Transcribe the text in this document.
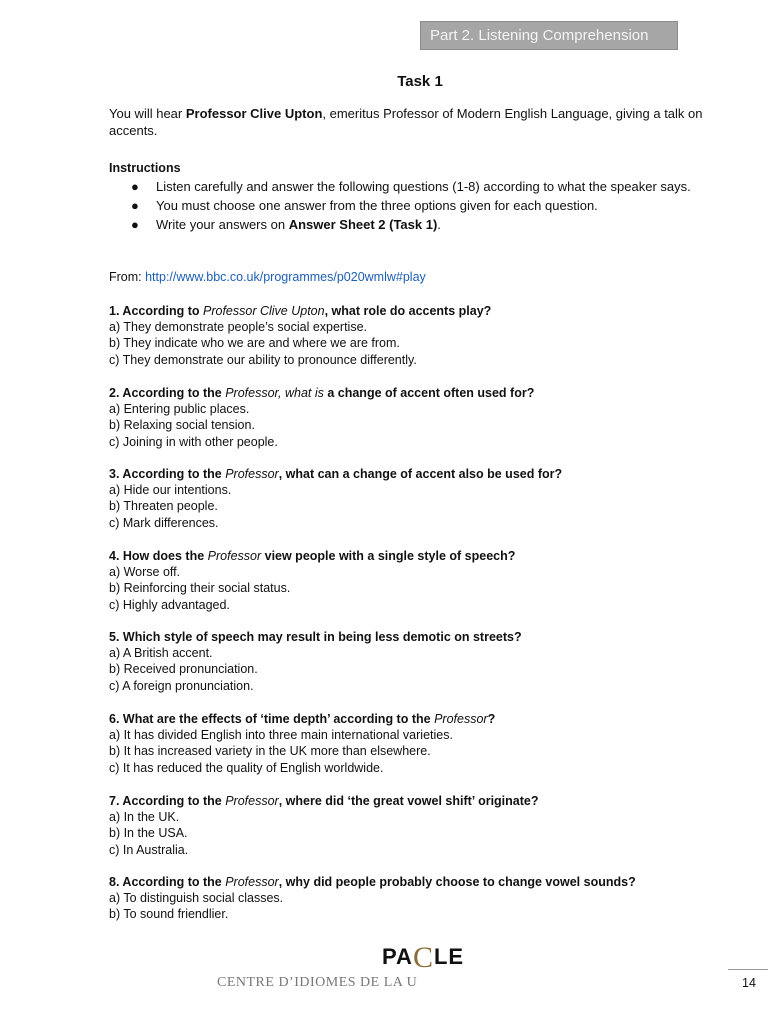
Part 2. Listening Comprehension
Task 1
You will hear Professor Clive Upton, emeritus Professor of Modern English Language, giving a talk on accents.
Instructions
● Listen carefully and answer the following questions (1-8) according to what the speaker says.
● You must choose one answer from the three options given for each question.
● Write your answers on Answer Sheet 2 (Task 1).
From: http://www.bbc.co.uk/programmes/p020wmlw#play
1. According to Professor Clive Upton, what role do accents play?
a) They demonstrate people’s social expertise.
b) They indicate who we are and where we are from.
c) They demonstrate our ability to pronounce differently.
2. According to the Professor, what is a change of accent often used for?
a) Entering public places.
b) Relaxing social tension.
c) Joining in with other people.
3. According to the Professor, what can a change of accent also be used for?
a) Hide our intentions.
b) Threaten people.
c) Mark differences.
4. How does the Professor view people with a single style of speech?
a) Worse off.
b) Reinforcing their social status.
c) Highly advantaged.
5. Which style of speech may result in being less demotic on streets?
a) A British accent.
b) Received pronunciation.
c) A foreign pronunciation.
6. What are the effects of ‘time depth’ according to the Professor?
a) It has divided English into three main international varieties.
b) It has increased variety in the UK more than elsewhere.
c) It has reduced the quality of English worldwide.
7. According to the Professor, where did ‘the great vowel shift’ originate?
a) In the UK.
b) In the USA.
c) In Australia.
8. According to the Professor, why did people probably choose to change vowel sounds?
a) To distinguish social classes.
b) To sound friendlier.
PACLE
CENTRE D’IDIOMES DE LA U	14
